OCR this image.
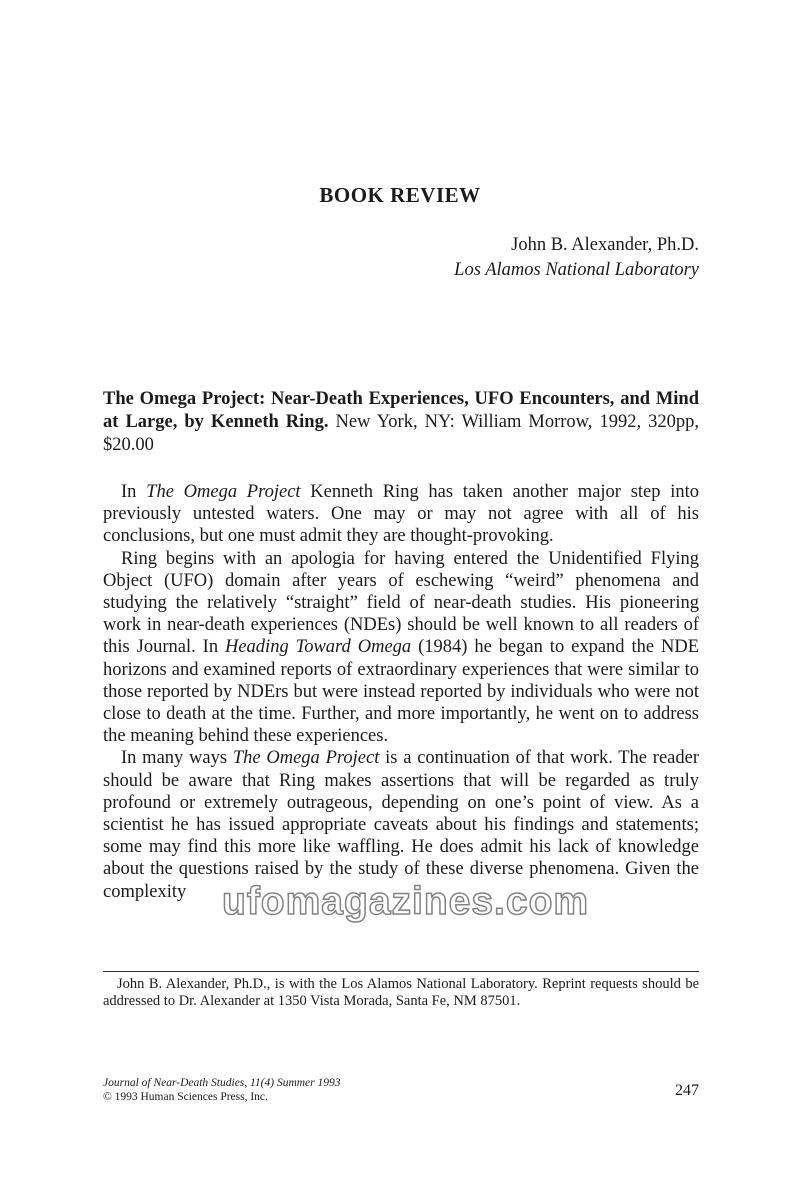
BOOK REVIEW
John B. Alexander, Ph.D.
Los Alamos National Laboratory
The Omega Project: Near-Death Experiences, UFO Encounters, and Mind at Large, by Kenneth Ring. New York, NY: William Morrow, 1992, 320pp, $20.00

In The Omega Project Kenneth Ring has taken another major step into previously untested waters. One may or may not agree with all of his conclusions, but one must admit they are thought-provoking.

Ring begins with an apologia for having entered the Unidentified Flying Object (UFO) domain after years of eschewing “weird” phenomena and studying the relatively “straight” field of near-death studies. His pioneering work in near-death experiences (NDEs) should be well known to all readers of this Journal. In Heading Toward Omega (1984) he began to expand the NDE horizons and examined reports of extraordinary experiences that were similar to those reported by NDErs but were instead reported by individuals who were not close to death at the time. Further, and more importantly, he went on to address the meaning behind these experiences.

In many ways The Omega Project is a continuation of that work. The reader should be aware that Ring makes assertions that will be regarded as truly profound or extremely outrageous, depending on one’s point of view. As a scientist he has issued appropriate caveats about his findings and statements; some may find this more like waffling. He does admit his lack of knowledge about the questions raised by the study of these diverse phenomena. Given the complexity

John B. Alexander, Ph.D., is with the Los Alamos National Laboratory. Reprint requests should be addressed to Dr. Alexander at 1350 Vista Morada, Santa Fe, NM 87501.

Journal of Near-Death Studies, 11(4) Summer 1993
© 1993 Human Sciences Press, Inc.	247
ufomagazines.com
